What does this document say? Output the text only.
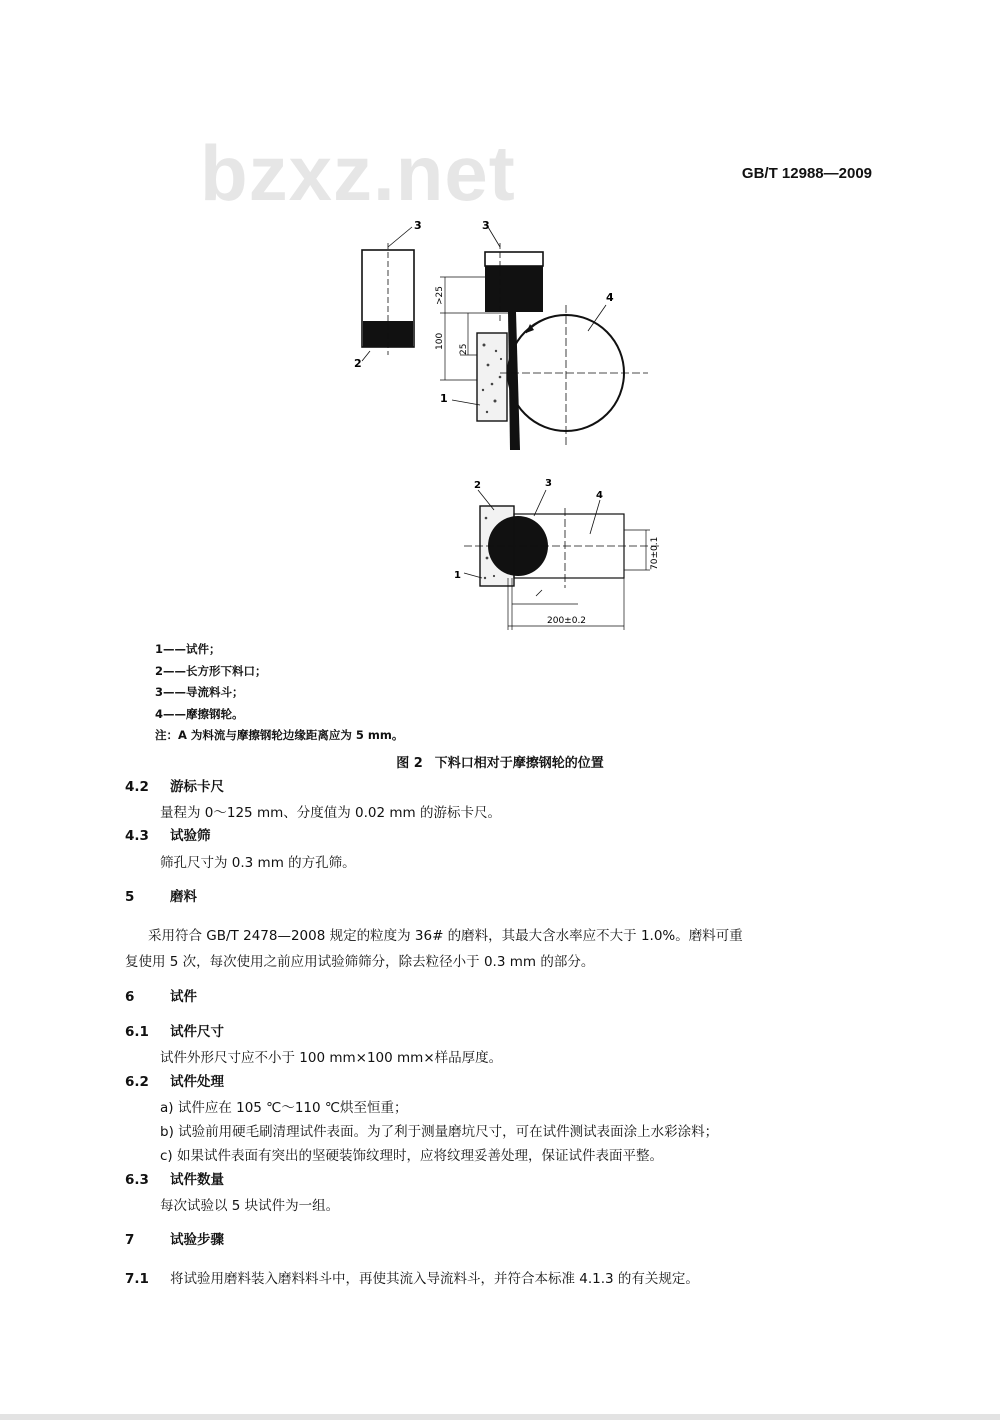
bzxz.net	GB/T 12988—2009
3	3
4
2
1
>25
100 25
2	3
4
1
70±0.1
200±0.2
1——试件；
2——长方形下料口；
3——导流料斗；
4——摩擦钢轮。
注：A 为料流与摩擦钢轮边缘距离应为 5 mm。
图 2 下料口相对于摩擦钢轮的位置
4.2 游标卡尺
量程为 0～125 mm、分度值为 0.02 mm 的游标卡尺。
4.3 试验筛
筛孔尺寸为 0.3 mm 的方孔筛。
5	磨料
采用符合 GB/T 2478—2008 规定的粒度为 36# 的磨料，其最大含水率应不大于 1.0%。磨料可重
复使用 5 次，每次使用之前应用试验筛筛分，除去粒径小于 0.3 mm 的部分。
6	试件
6.1 试件尺寸
试件外形尺寸应不小于 100 mm×100 mm×样品厚度。
6.2 试件处理
a) 试件应在 105 ℃～110 ℃烘至恒重；
b) 试验前用硬毛刷清理试件表面。为了利于测量磨坑尺寸，可在试件测试表面涂上水彩涂料；
c) 如果试件表面有突出的坚硬装饰纹理时，应将纹理妥善处理，保证试件表面平整。
6.3 试件数量
每次试验以 5 块试件为一组。
7	试验步骤
7.1 将试验用磨料装入磨料料斗中，再使其流入导流料斗，并符合本标准 4.1.3 的有关规定。
